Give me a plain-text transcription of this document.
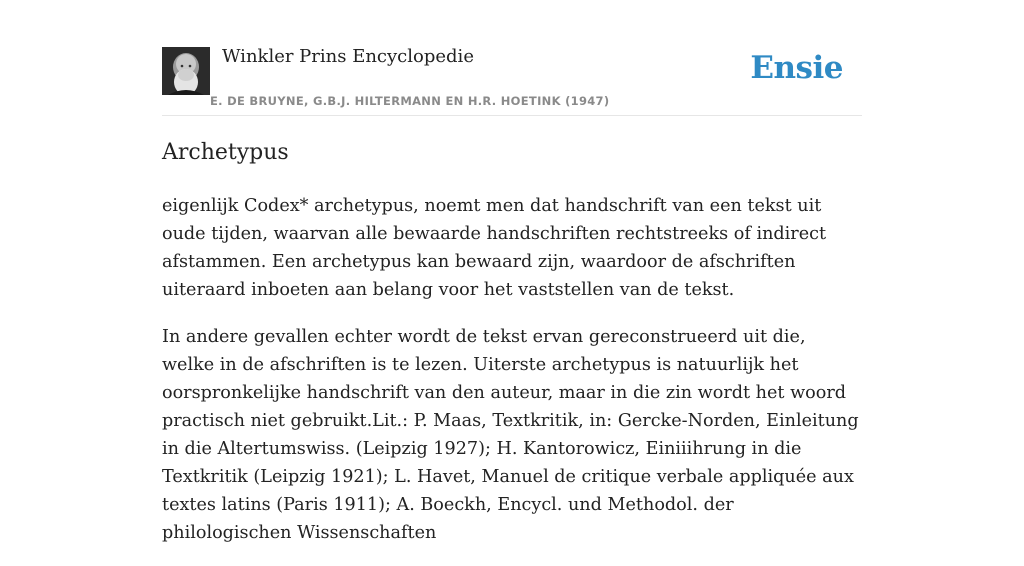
Winkler Prins Encyclopedie
E. DE BRUYNE, G.B.J. HILTERMANN EN H.R. HOETINK (1947)
Ensie
Archetypus

eigenlijk Codex* archetypus, noemt men dat handschrift van een tekst uit oude tijden, waarvan alle bewaarde handschriften rechtstreeks of indirect afstammen. Een archetypus kan bewaard zijn, waardoor de afschriften uiteraard inboeten aan belang voor het vaststellen van de tekst.

In andere gevallen echter wordt de tekst ervan gereconstrueerd uit die, welke in de afschriften is te lezen. Uiterste archetypus is natuurlijk het oorspronkelijke handschrift van den auteur, maar in die zin wordt het woord practisch niet gebruikt.Lit.: P. Maas, Textkritik, in: Gercke-Norden, Einleitung in die Altertumswiss. (Leipzig 1927); H. Kantorowicz, Einiiihrung in die Textkritik (Leipzig 1921); L. Havet, Manuel de critique verbale appliquée aux textes latins (Paris 1911); A. Boeckh, Encycl. und Methodol. der philologischen Wissenschaften
